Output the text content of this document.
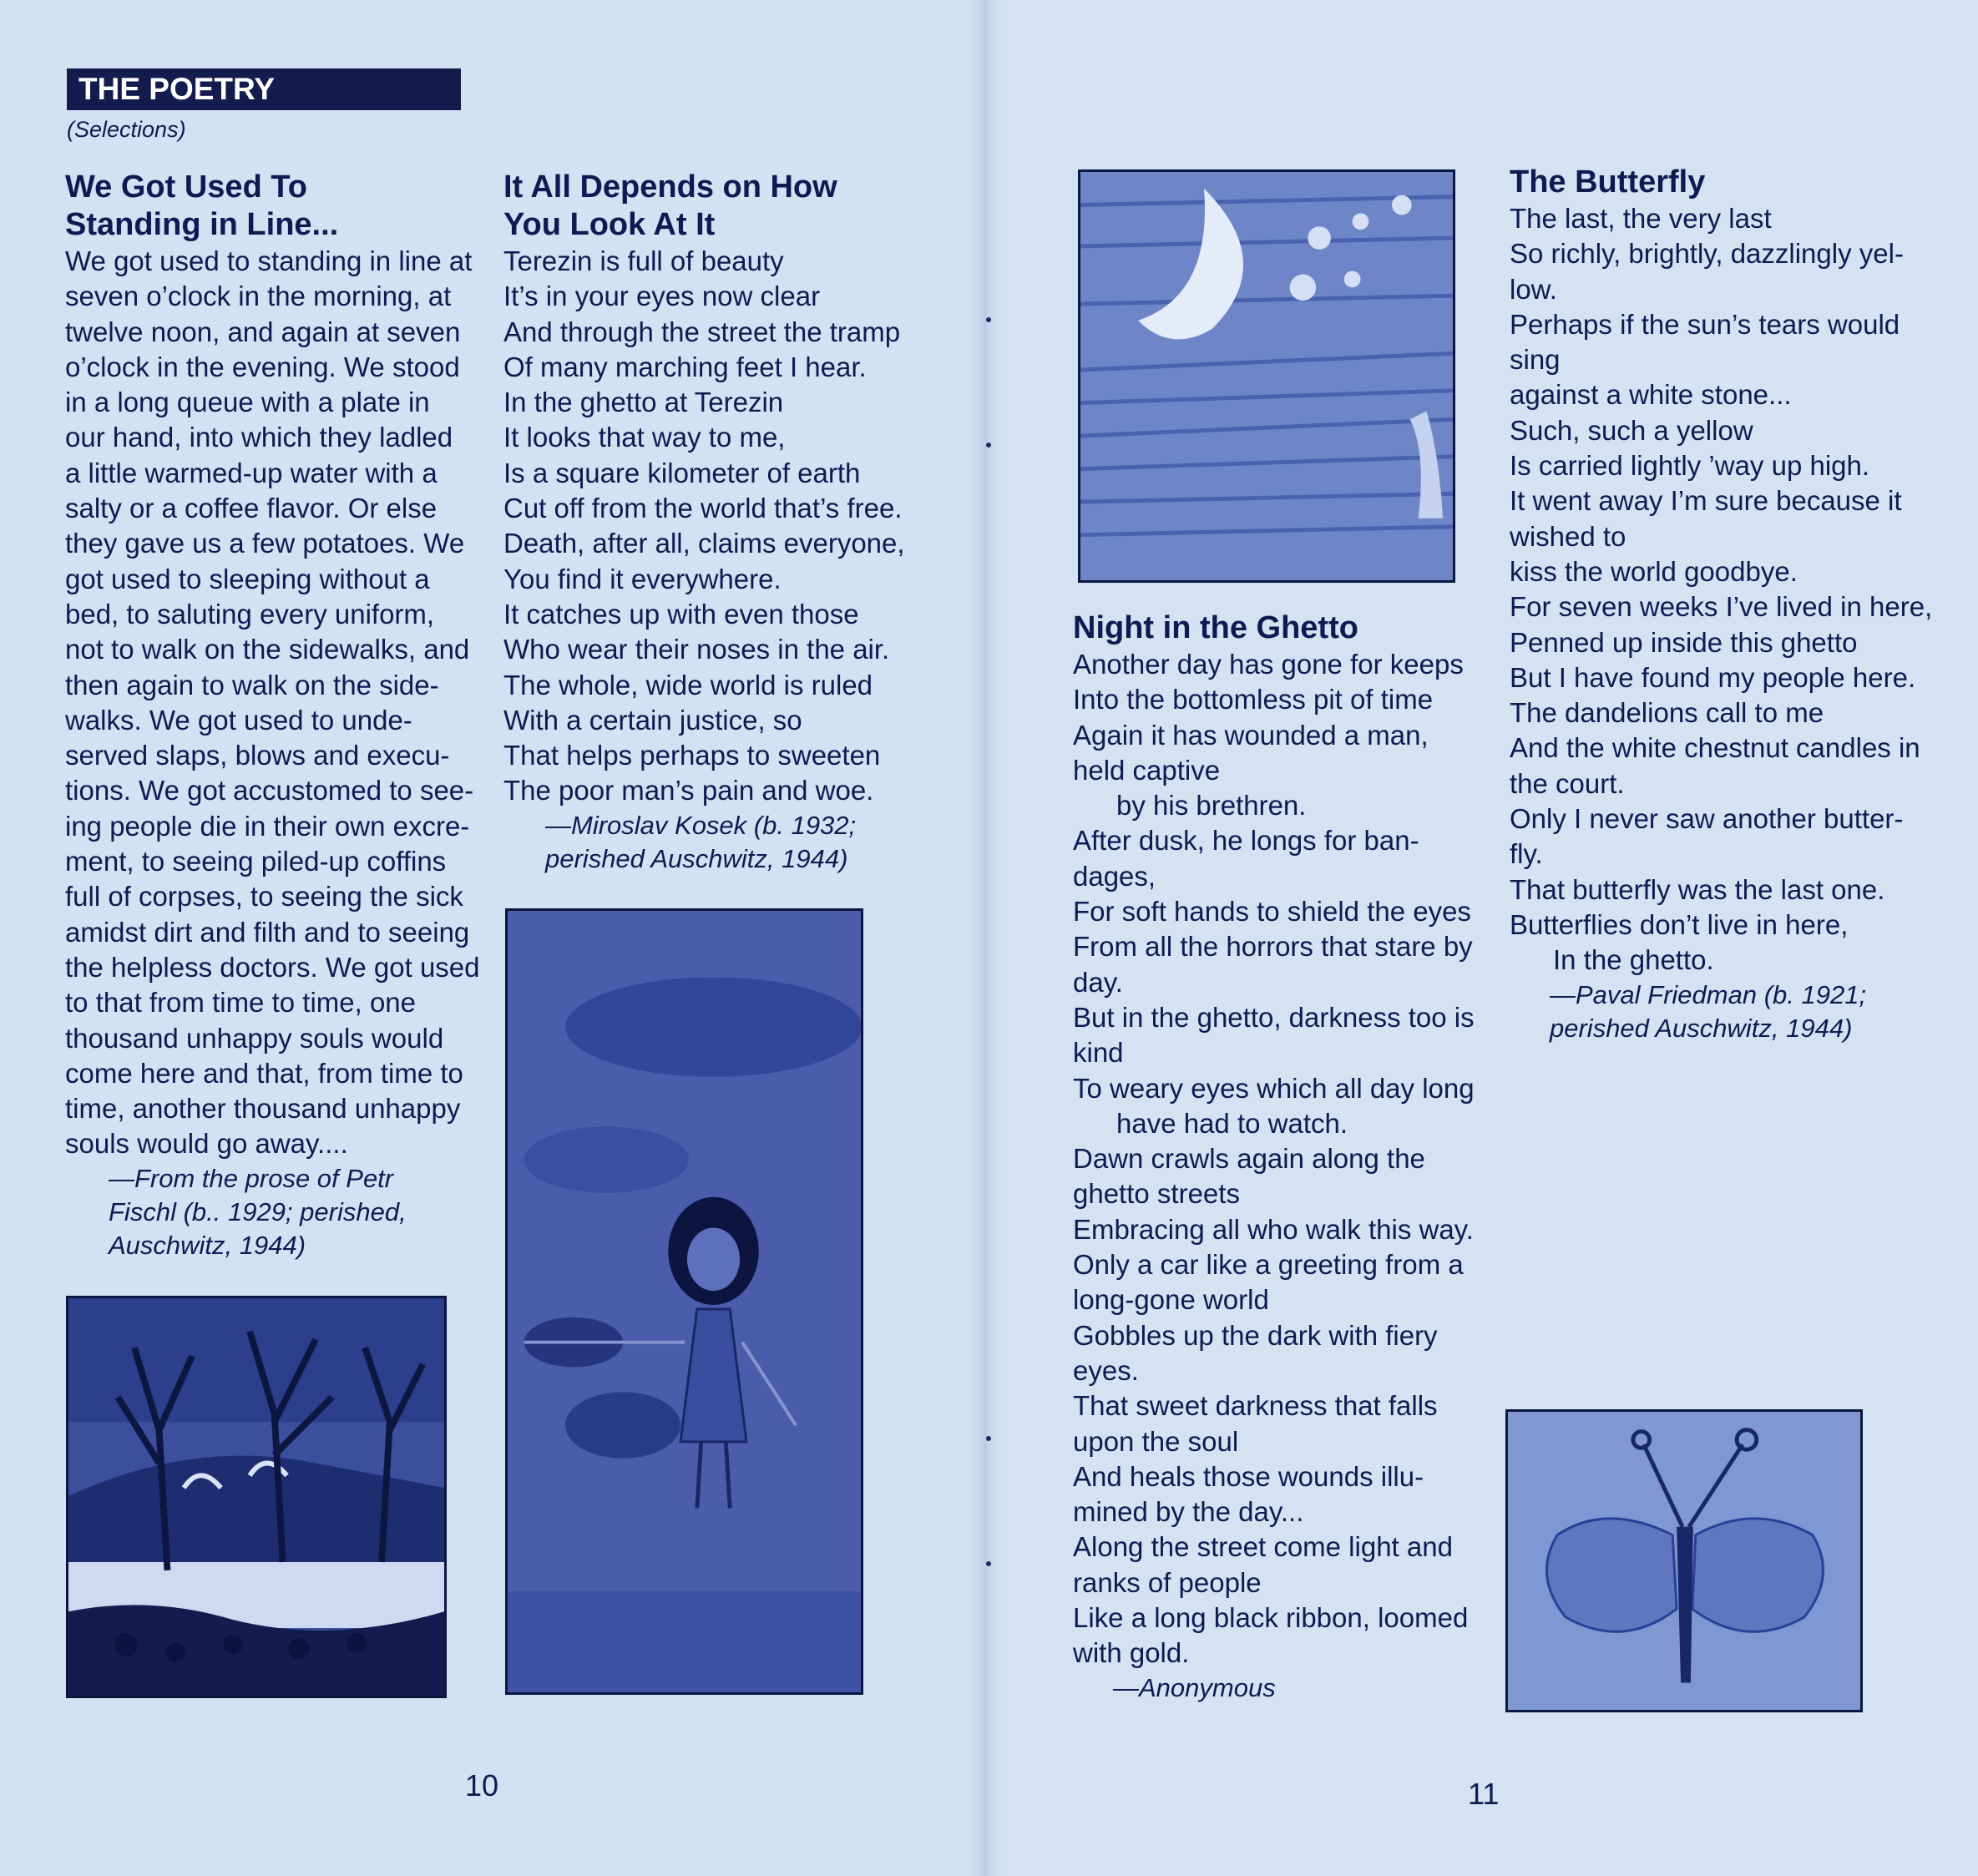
THE POETRY
(Selections)
We Got Used To
Standing in Line...
We got used to standing in line at
seven o’clock in the morning, at
twelve noon, and again at seven
o’clock in the evening. We stood
in a long queue with a plate in
our hand, into which they ladled
a little warmed-up water with a
salty or a coffee flavor. Or else
they gave us a few potatoes. We
got used to sleeping without a
bed, to saluting every uniform,
not to walk on the sidewalks, and
then again to walk on the side-
walks. We got used to unde-
served slaps, blows and execu-
tions. We got accustomed to see-
ing people die in their own excre-
ment, to seeing piled-up coffins
full of corpses, to seeing the sick
amidst dirt and filth and to seeing
the helpless doctors. We got used
to that from time to time, one
thousand unhappy souls would
come here and that, from time to
time, another thousand unhappy
souls would go away....
—From the prose of Petr
Fischl (b.. 1929; perished,
Auschwitz, 1944)
It All Depends on How
You Look At It
Terezin is full of beauty
It’s in your eyes now clear
And through the street the tramp
Of many marching feet I hear.
In the ghetto at Terezin
It looks that way to me,
Is a square kilometer of earth
Cut off from the world that’s free.
Death, after all, claims everyone,
You find it everywhere.
It catches up with even those
Who wear their noses in the air.
The whole, wide world is ruled
With a certain justice, so
That helps perhaps to sweeten
The poor man’s pain and woe.
—Miroslav Kosek (b. 1932;
perished Auschwitz, 1944)
Night in the Ghetto
Another day has gone for keeps
Into the bottomless pit of time
Again it has wounded a man,
held captive
by his brethren.
After dusk, he longs for ban-
dages,
For soft hands to shield the eyes
From all the horrors that stare by
day.
But in the ghetto, darkness too is
kind
To weary eyes which all day long
have had to watch.
Dawn crawls again along the
ghetto streets
Embracing all who walk this way.
Only a car like a greeting from a
long-gone world
Gobbles up the dark with fiery
eyes.
That sweet darkness that falls
upon the soul
And heals those wounds illu-
mined by the day...
Along the street come light and
ranks of people
Like a long black ribbon, loomed
with gold.
—Anonymous
The Butterfly
The last, the very last
So richly, brightly, dazzlingly yel-
low.
Perhaps if the sun’s tears would
sing
against a white stone...
Such, such a yellow
Is carried lightly ’way up high.
It went away I’m sure because it
wished to
kiss the world goodbye.
For seven weeks I’ve lived in here,
Penned up inside this ghetto
But I have found my people here.
The dandelions call to me
And the white chestnut candles in
the court.
Only I never saw another butter-
fly.
That butterfly was the last one.
Butterflies don’t live in here,
In the ghetto.
—Paval Friedman (b. 1921;
perished Auschwitz, 1944)
10	11
